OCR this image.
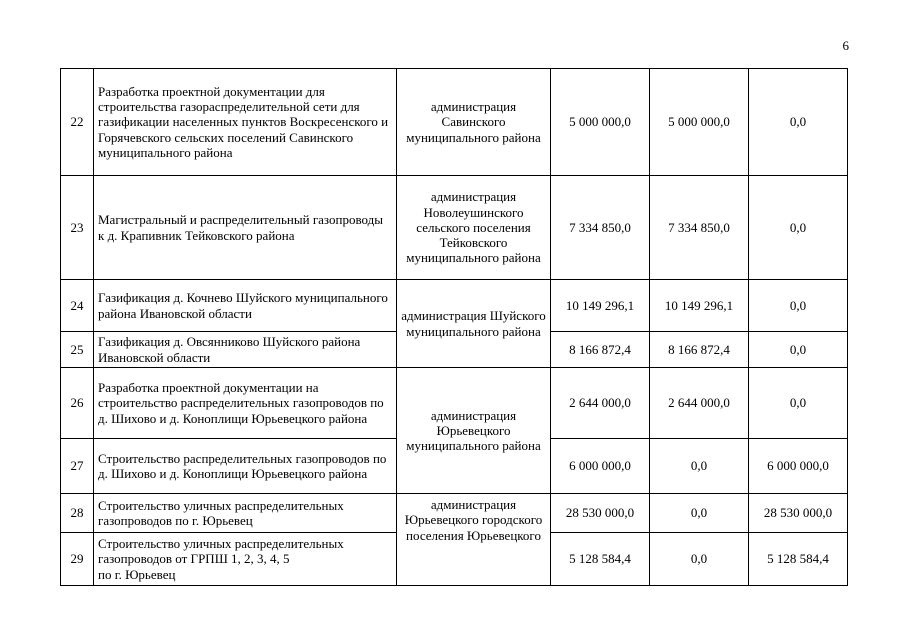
6
22	Разработка проектной документации для строительства газораспределительной сети для газификации населенных пунктов Воскресенского и Горячевского сельских поселений Савинского муниципального района	администрация Савинского муниципального района	5 000 000,0	5 000 000,0	0,0
23	Магистральный и распределительный газопроводы к д. Крапивник Тейковского района	администрация Новолеушинского сельского поселения Тейковского муниципального района	7 334 850,0	7 334 850,0	0,0
24	Газификация д. Кочнево Шуйского муниципального района Ивановской области	администрация Шуйского муниципального района	10 149 296,1	10 149 296,1	0,0
25	Газификация д. Овсянниково Шуйского района Ивановской области		8 166 872,4	8 166 872,4	0,0
26	Разработка проектной документации на строительство распределительных газопроводов по д. Шихово и д. Коноплищи Юрьевецкого района	администрация Юрьевецкого муниципального района	2 644 000,0	2 644 000,0	0,0
27	Строительство распределительных газопроводов по д. Шихово и д. Коноплищи Юрьевецкого района		6 000 000,0	0,0	6 000 000,0
28	Строительство уличных распределительных газопроводов по г. Юрьевец	администрация Юрьевецкого городского поселения Юрьевецкого	28 530 000,0	0,0	28 530 000,0
29	Строительство уличных распределительных газопроводов от ГРПШ 1, 2, 3, 4, 5
по г. Юрьевец		5 128 584,4	0,0	5 128 584,4
